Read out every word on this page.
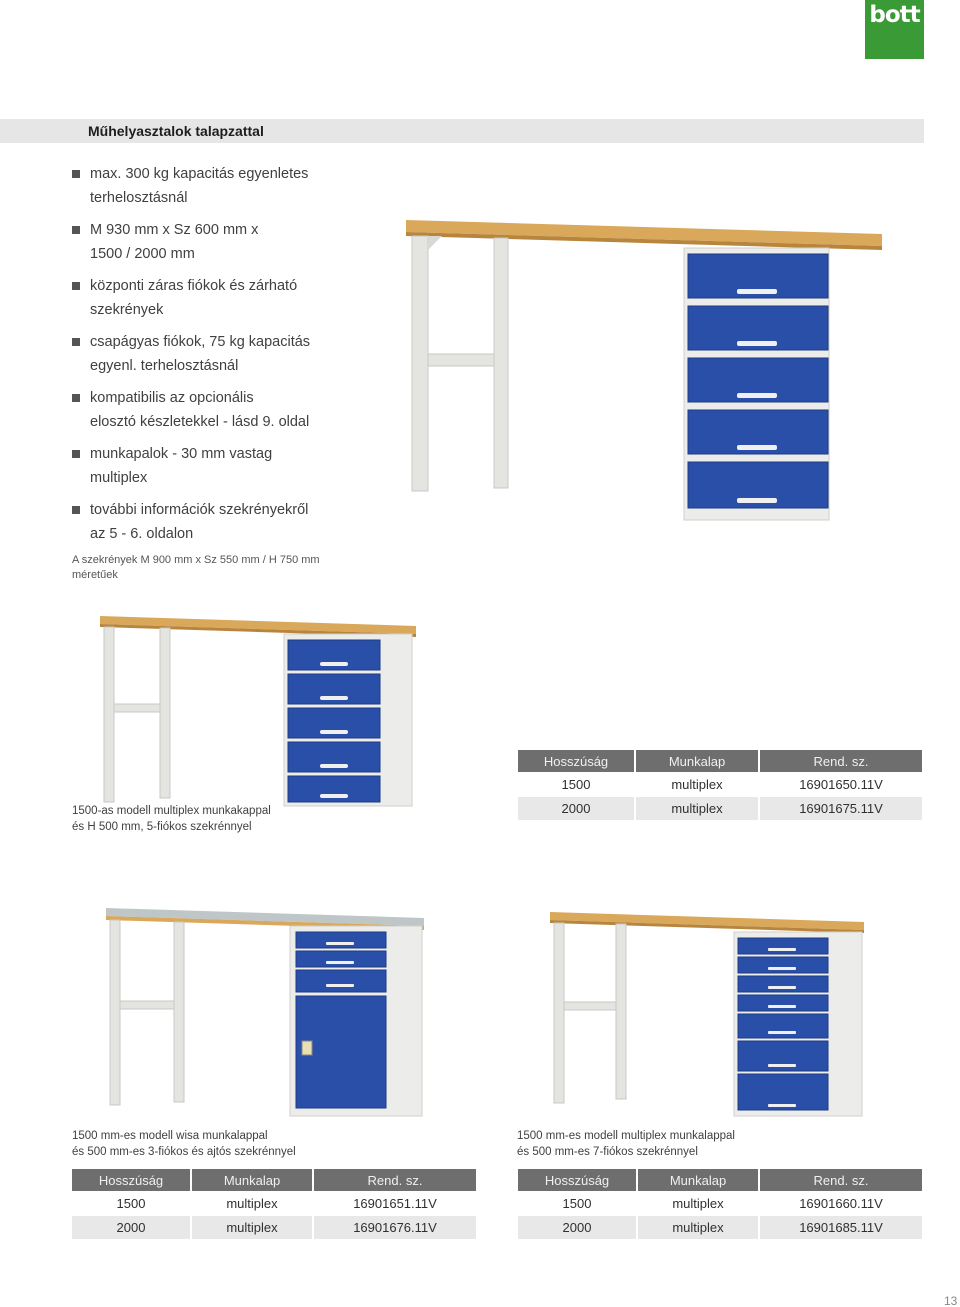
bott
Műhelyasztalok talapzattal
max. 300 kg kapacitás egyenletes
terhelosztásnál
M 930 mm x Sz 600 mm x
1500 / 2000 mm
központi záras fiókok és zárható
szekrények
csapágyas fiókok, 75 kg kapacitás
egyenl. terhelosztásnál
kompatibilis az opcionális
elosztó készletekkel - lásd 9. oldal
munkapalok - 30 mm vastag
multiplex
további információk szekrényekről
az 5 - 6. oldalon
A szekrények M 900 mm x Sz 550 mm / H 750 mm
méretűek
1500-as modell multiplex munkakappal
és H 500 mm, 5-fiókos szekrénnyel
Hosszúság	Munkalap	Rend. sz.
1500	multiplex	16901650.11V
2000	multiplex	16901675.11V
1500 mm-es modell wisa munkalappal
és 500 mm-es 3-fiókos és ajtós szekrénnyel
1500 mm-es modell multiplex munkalappal
és 500 mm-es 7-fiókos szekrénnyel
Hosszúság	Munkalap	Rend. sz.
1500	multiplex	16901651.11V
2000	multiplex	16901676.11V
Hosszúság	Munkalap	Rend. sz.
1500	multiplex	16901660.11V
2000	multiplex	16901685.11V
13
